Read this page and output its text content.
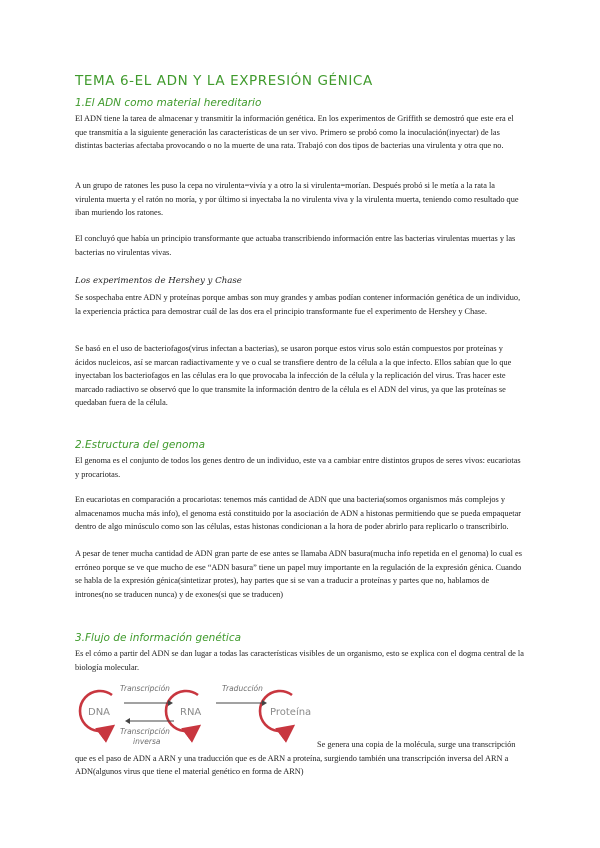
TEMA 6-EL ADN Y LA EXPRESIÓN GÉNICA
1.El ADN como material hereditario

El ADN tiene la tarea de almacenar y transmitir la información genética. En los experimentos de Griffith se demostró que este era el que transmitía a la siguiente generación las características de un ser vivo. Primero se probó como la inoculación(inyectar) de las distintas bacterias afectaba provocando o no la muerte de una rata. Trabajó con dos tipos de bacterias una virulenta y otra que no.

A un grupo de ratones les puso la cepa no virulenta=vivía y a otro la si virulenta=morían. Después probó si le metía a la rata la virulenta muerta y el ratón no moría, y por último si inyectaba la no virulenta viva y la virulenta muerta, teniendo como resultado que iban muriendo los ratones.

El concluyó que había un principio transformante que actuaba transcribiendo información entre las bacterias virulentas muertas y las bacterias no virulentas vivas.

Los experimentos de Hershey y Chase

Se sospechaba entre ADN y proteínas porque ambas son muy grandes y ambas podían contener información genética de un individuo, la experiencia práctica para demostrar cuál de las dos era el principio transformante fue el experimento de Hershey y Chase.

Se basó en el uso de bacteriofagos(virus infectan a bacterias), se usaron porque estos virus solo están compuestos por proteínas y ácidos nucleicos, así se marcan radiactivamente y ve o cual se transfiere dentro de la célula a la que infecto. Ellos sabían que lo que inyectaban los bacteriofagos en las células era lo que provocaba la infección de la célula y la replicación del virus. Tras hacer este marcado radiactivo se observó que lo que transmite la información dentro de la célula es el ADN del virus, ya que las proteínas se quedaban fuera de la célula.

2.Estructura del genoma

El genoma es el conjunto de todos los genes dentro de un individuo, este va a cambiar entre distintos grupos de seres vivos: eucariotas y procariotas.

En eucariotas en comparación a procariotas: tenemos más cantidad de ADN que una bacteria(somos organismos más complejos y almacenamos mucha más info), el genoma está constituido por la asociación de ADN a histonas permitiendo que se pueda empaquetar dentro de algo minúsculo como son las células, estas histonas condicionan a la hora de poder abrirlo para replicarlo o transcribirlo.

A pesar de tener mucha cantidad de ADN gran parte de ese antes se llamaba ADN basura(mucha info repetida en el genoma) lo cual es erróneo porque se ve que mucho de ese “ADN basura” tiene un papel muy importante en la regulación de la expresión génica. Cuando se habla de la expresión génica(sintetizar protes), hay partes que si se van a traducir a proteínas y partes que no, hablamos de intrones(no se traducen nunca) y de exones(si que se traducen)

3.Flujo de información genética

Es el cómo a partir del ADN se dan lugar a todas las características visibles de un organismo, esto se explica con el dogma central de la biología molecular.

DNA	RNA	Proteína
Transcripción
Transcripción
inversa
Traducción

Se genera una copia de la molécula, surge una transcripción que es el paso de ADN a ARN y una traducción que es de ARN a proteína, surgiendo también una transcripción inversa del ARN a ADN(algunos virus que tiene el material genético en forma de ARN)
